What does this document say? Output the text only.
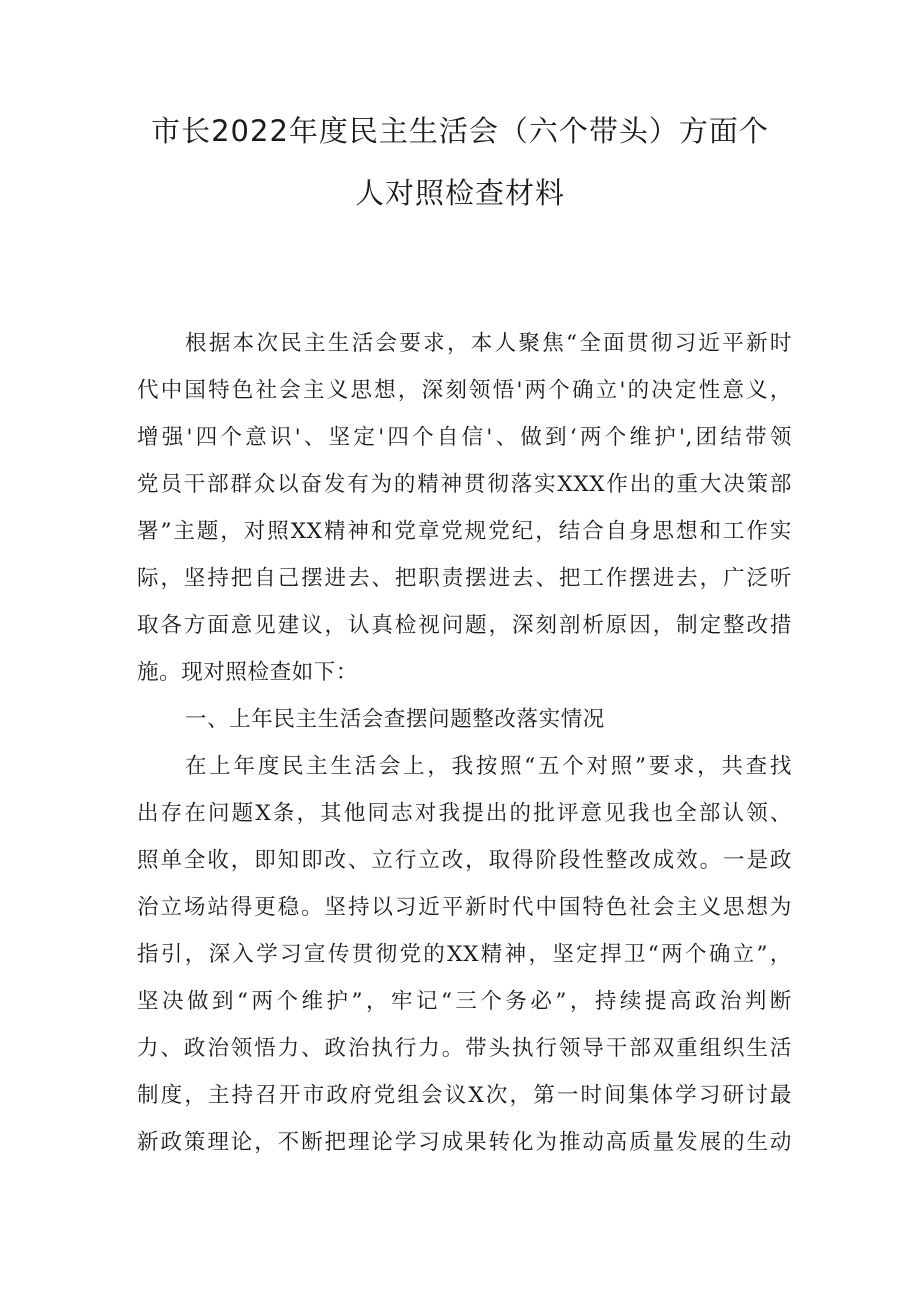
市长2022年度民主生活会（六个带头）方面个
人对照检查材料

根据本次民主生活会要求，本人聚焦“全面贯彻习近平新时
代中国特色社会主义思想，深刻领悟'两个确立'的决定性意义，
增强'四个意识'、坚定'四个自信'、做到‘两个维护',团结带领
党员干部群众以奋发有为的精神贯彻落实XXX作出的重大决策部
署”主题，对照XX精神和党章党规党纪，结合自身思想和工作实
际，坚持把自己摆进去、把职责摆进去、把工作摆进去，广泛听
取各方面意见建议，认真检视问题，深刻剖析原因，制定整改措
施。现对照检查如下：

一、上年民主生活会查摆问题整改落实情况

在上年度民主生活会上，我按照“五个对照”要求，共查找
出存在问题X条，其他同志对我提出的批评意见我也全部认领、
照单全收，即知即改、立行立改，取得阶段性整改成效。一是政
治立场站得更稳。坚持以习近平新时代中国特色社会主义思想为
指引，深入学习宣传贯彻党的XX精神，坚定捍卫“两个确立”，
坚决做到“两个维护”，牢记“三个务必”，持续提高政治判断
力、政治领悟力、政治执行力。带头执行领导干部双重组织生活
制度，主持召开市政府党组会议X次，第一时间集体学习研讨最
新政策理论，不断把理论学习成果转化为推动高质量发展的生动
